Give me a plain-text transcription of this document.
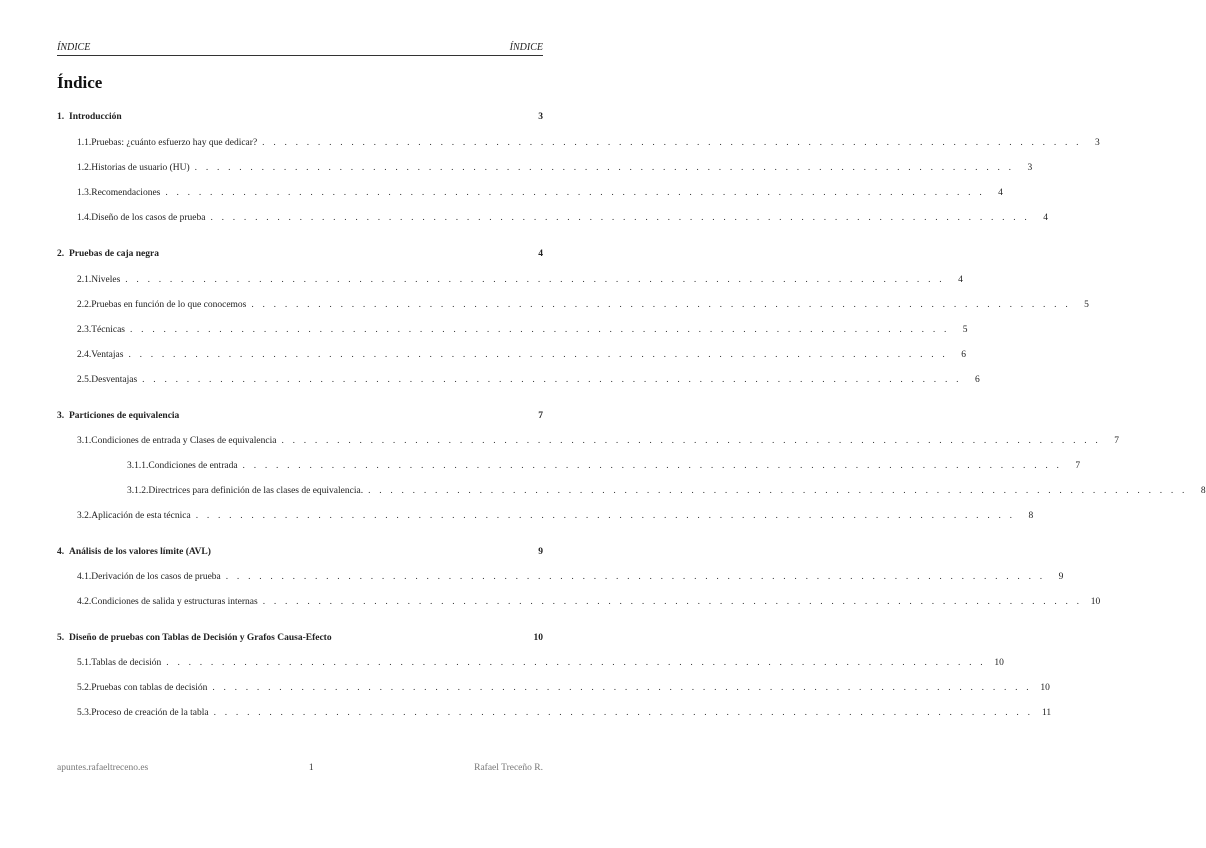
ÍNDICE	ÍNDICE
Índice
1. Introducción	3
1.1. Pruebas: ¿cuánto esfuerzo hay que dedicar? . . . . . . . . . . . . . . . . . . . . . . . . . . . . . . . . . . . . . . . . . . . . . . . . . . . . . . . . . . . . . . . . . . . . . . . . . .	3
1.2. Historias de usuario (HU) . . . . . . . . . . . . . . . . . . . . . . . . . . . . . . . . . . . . . . . . . . . . . . . . . . . . . . . . . . . . . . . . . . . . . . . . . .	3
1.3. Recomendaciones . . . . . . . . . . . . . . . . . . . . . . . . . . . . . . . . . . . . . . . . . . . . . . . . . . . . . . . . . . . . . . . . . . . . . . . . . .	4
1.4. Diseño de los casos de prueba . . . . . . . . . . . . . . . . . . . . . . . . . . . . . . . . . . . . . . . . . . . . . . . . . . . . . . . . . . . . . . . . . . . . . . . . . .	4
2. Pruebas de caja negra	4
2.1. Niveles . . . . . . . . . . . . . . . . . . . . . . . . . . . . . . . . . . . . . . . . . . . . . . . . . . . . . . . . . . . . . . . . . . . . . . . . . .	4
2.2. Pruebas en función de lo que conocemos . . . . . . . . . . . . . . . . . . . . . . . . . . . . . . . . . . . . . . . . . . . . . . . . . . . . . . . . . . . . . . . . . . . . . . . . . .	5
2.3. Técnicas . . . . . . . . . . . . . . . . . . . . . . . . . . . . . . . . . . . . . . . . . . . . . . . . . . . . . . . . . . . . . . . . . . . . . . . . . .	5
2.4. Ventajas . . . . . . . . . . . . . . . . . . . . . . . . . . . . . . . . . . . . . . . . . . . . . . . . . . . . . . . . . . . . . . . . . . . . . . . . . .	6
2.5. Desventajas . . . . . . . . . . . . . . . . . . . . . . . . . . . . . . . . . . . . . . . . . . . . . . . . . . . . . . . . . . . . . . . . . . . . . . . . . .	6
3. Particiones de equivalencia	7
3.1. Condiciones de entrada y Clases de equivalencia . . . . . . . . . . . . . . . . . . . . . . . . . . . . . . . . . . . . . . . . . . . . . . . . . . . . . . . . . . . . . . . . . . . . . . . . . .	7
3.1.1. Condiciones de entrada . . . . . . . . . . . . . . . . . . . . . . . . . . . . . . . . . . . . . . . . . . . . . . . . . . . . . . . . . . . . . . . . . . . . . . . . . .	7
3.1.2. Directrices para definición de las clases de equivalencia. . . . . . . . . . . . . . . . . . . . . . . . . . . . . . . . . . . . . . . . . . . . . . . . . . . . . . . . . . . . . . . . . . . . . . . . . . .	8
3.2. Aplicación de esta técnica . . . . . . . . . . . . . . . . . . . . . . . . . . . . . . . . . . . . . . . . . . . . . . . . . . . . . . . . . . . . . . . . . . . . . . . . . .	8
4. Análisis de los valores límite (AVL)	9
4.1. Derivación de los casos de prueba . . . . . . . . . . . . . . . . . . . . . . . . . . . . . . . . . . . . . . . . . . . . . . . . . . . . . . . . . . . . . . . . . . . . . . . . . .	9
4.2. Condiciones de salida y estructuras internas . . . . . . . . . . . . . . . . . . . . . . . . . . . . . . . . . . . . . . . . . . . . . . . . . . . . . . . . . . . . . . . . . . . . . . . . . . 10
5. Diseño de pruebas con Tablas de Decisión y Grafos Causa-Efecto	10
5.1. Tablas de decisión . . . . . . . . . . . . . . . . . . . . . . . . . . . . . . . . . . . . . . . . . . . . . . . . . . . . . . . . . . . . . . . . . . . . . . . . . . 10
5.2. Pruebas con tablas de decisión . . . . . . . . . . . . . . . . . . . . . . . . . . . . . . . . . . . . . . . . . . . . . . . . . . . . . . . . . . . . . . . . . . . . . . . . . . 10
5.3. Proceso de creación de la tabla . . . . . . . . . . . . . . . . . . . . . . . . . . . . . . . . . . . . . . . . . . . . . . . . . . . . . . . . . . . . . . . . . . . . . . . . . . 11
apuntes.rafaeltreceno.es	1	Rafael Treceño R.
